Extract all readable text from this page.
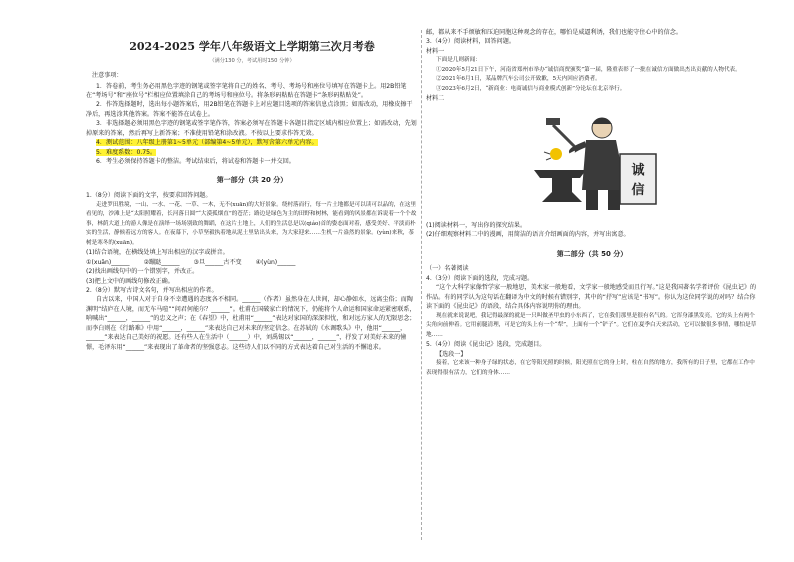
2024-2025 学年八年级语文上学期第三次月考卷
（满分130 分，考试用时150 分钟）
注意事项：

1．答卷前，考生务必用黑色字迹的钢笔或签字笔将自己的姓名、考号、考场号和座位号填写在答题卡上。用2B铅笔在“考场号”和“座位号”栏相应位置填涂自己的考场号和座位号。将条形码粘贴在答题卡“条形码粘贴处”。

2．作答选择题时，选出每小题答案后，用2B铅笔在答题卡上对应题目选项的答案信息点涂黑；如需改动，用橡皮擦干净后，再选涂其他答案。答案不能答在试卷上。

3．非选择题必须用黑色字迹的钢笔或签字笔作答，答案必须写在答题卡各题目指定区域内相应位置上；如需改动，先划掉原来的答案，然后再写上新答案；不准使用铅笔和涂改液。不按以上要求作答无效。

4．测试范围：八年级上册第1~5单元（部编第4~5单元），默写含第六单元内容。

5．难度系数：0.75。

6．考生必须保持答题卡的整洁。考试结束后，将试卷和答题卡一并交回。

第一部分（共 20 分）

1.（8分）阅读下面的文字，按要求回答问题。

走进罗田胜境，一山、一水、一花、一草、一木，无不(xuān)的大好景象。绕村落而行，每一片土地都是可以读可以品的，在这里看见的，沙滩上是“太阳照耀着，长河落日圆”“大漠孤烟直”的苍茫；路边是绿色为主的田野和树林，能看到的风景都在诉说着一个个故事，林荫大道上的游人像是在演绎一场场别致的舞蹈，在这片土地上，人们的生活总是以(qiáo)首的姿态面对着，感受美好、平淡而朴实的生活，静候着远方的客人。在夜幕下，小草坚毅执着地从泥土里钻出头来，为大家迎来……生机一片盎然的景象。(yùn)来秋，茶树是寒冬的(xuān)。

(1)结合语境，在横线处填上写出相应的汉字或拼音。

①(xuān)______ ②蹦跶______ ③旦______古不变 ④(yùn)______

(2)找出画线句中的一个错别字，并改正。

(3)把上文中的画线句修改正确。

2.（8分）默写古诗文名句，并写出相应的作者。

自古以来，中国人对于自身不幸遭遇的态度各不相同。______（作者）虽然身在人世间，却心静如水，远离尘俗；而陶渊明“结庐在人境，而无车马喧”“问君何能尔？______”。杜甫在国破家亡的情况下，仍能将个人命运和国家命运紧密联系，呐喊出“______，______”的忠义之声；在《春望》中，杜甫用“______”表达对家国的深深担忧，和对远方家人的无限思念；而李白则在《行路难》中用“______，______”来表达自己对未来的坚定信念。在苏轼的《水调歌头》中，他用“______，______”来表达自己美好的祝愿。还有些人在生活中（______）中，刘禹锡以“______，______”，抒发了对美好未来的憧憬，毛泽东用“______”来表现出了革命者的坚强意志。这些诗人们以不同的方式表达着自己对生活的不懈追求。

邮，都从来不手烦敏和压迫同胞这种观念的存在，哪怕是威逼利诱，我们也能守住心中的信念。

3.（4分）阅读材料，回答问题。

材料一

下面是几则新闻：

①2020年5月21日下午，河南省郑州市举办“诚信商贾颁奖”第一届，隆重表彰了一批在诚信方面做出杰出贡献的人物代表。

②2021年6月1日，某品牌汽车公司公开致歉，5天内回应消费者。

③2023年6月2日，“新商业：电商诚信与商业模式创新”分论坛在北京举行。

材料二

诚
信

(1)阅读材料一，写出你的探究结果。

(2)仔细观察材料二中的漫画，用简洁的语言介绍画面的内容，并写出寓意。

第二部分（共 50 分）

（一）名著阅读

4.（3分）阅读下面的选段，完成习题。

“这个大科学家像哲学家一般地思，美术家一般地看，文学家一般地感受而且行写。”这是我国著名学者评价《昆虫记》的作品。有的同学认为这句话在翻译为中文的时候有错别字，其中的“抒写”应该是“书写”。你认为这位同学说的对吗？结合你读下面的《昆虫记》的语段，结合具体内容说明你的理由。

现在就来说说吧，我记得最深的就是一只叫做圣甲虫的小东西了，它在我们那里是很有名气的。它浑身漆黑发亮，它的头上有两个尖角向前伸着。它用前腿清理，可是它的头上有一个“犁”，上面有一个“铲子”。它们在夏季白天来活动，它可以做很多事情，哪怕是草地……

5.（4分）阅读《昆虫记》选段，完成题目。

【选段一】

接着，它来该一种身子绿的状态，在它等阳光照的时候，阳光照在它的身上时，柱在自然的地方，我所有的日子里，它都在工作中表现得很有活力，它们的身体……
